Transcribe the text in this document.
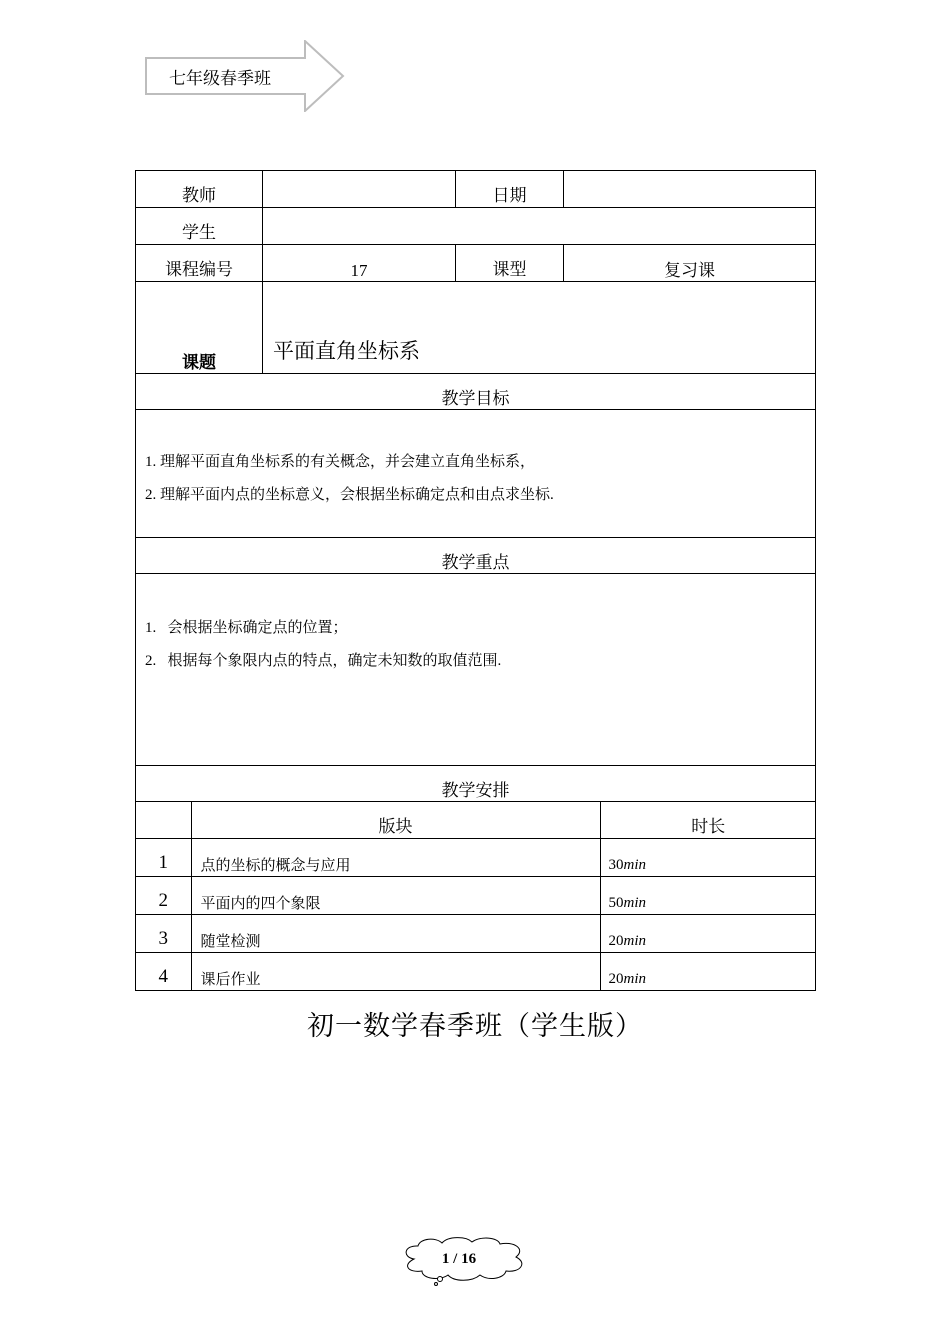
七年级春季班
教师		日期	
学生	
课程编号	17	课型	复习课
课题	平面直角坐标系
教学目标

1. 理解平面直角坐标系的有关概念，并会建立直角坐标系，

2. 理解平面内点的坐标意义，会根据坐标确定点和由点求坐标.

教学重点

1.   会根据坐标确定点的位置；

2.   根据每个象限内点的特点，确定未知数的取值范围.

教学安排

	版块	时长
1	点的坐标的概念与应用	30min
2	平面内的四个象限	50min
3	随堂检测	20min
4	课后作业	20min
初一数学春季班（学生版）
1 / 16
